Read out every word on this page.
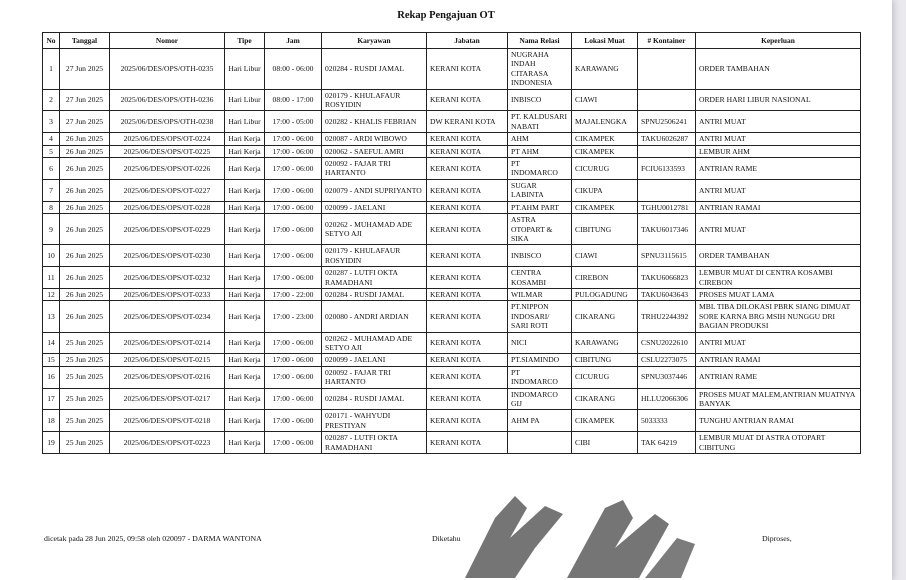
Rekap Pengajuan OT
No	Tanggal	Nomor	Tipe	Jam	Karyawan	Jabatan	Nama Relasi	Lokasi Muat	# Kontainer	Keperluan
1	27 Jun 2025	2025/06/DES/OPS/OTH-0235	Hari Libur	08:00 - 06:00	020284 - RUSDI JAMAL	KERANI KOTA	NUGRAHA INDAH CITARASA INDONESIA	KARAWANG		ORDER TAMBAHAN
2	27 Jun 2025	2025/06/DES/OPS/OTH-0236	Hari Libur	08:00 - 17:00	020179 - KHULAFAUR ROSYIDIN	KERANI KOTA	INBISCO	CIAWI		ORDER HARI LIBUR NASIONAL
3	27 Jun 2025	2025/06/DES/OPS/OTH-0238	Hari Libur	17:00 - 05:00	020282 - KHALIS FEBRIAN	DW KERANI KOTA	PT. KALDUSARI NABATI	MAJALENGKA	SPNU2506241	ANTRI MUAT
4	26 Jun 2025	2025/06/DES/OPS/OT-0224	Hari Kerja	17:00 - 06:00	020087 - ARDI WIBOWO	KERANI KOTA	AHM	CIKAMPEK	TAKU6026287	ANTRI MUAT
5	26 Jun 2025	2025/06/DES/OPS/OT-0225	Hari Kerja	17:00 - 06:00	020062 - SAEFUL AMRI	KERANI KOTA	PT AHM	CIKAMPEK		LEMBUR AHM
6	26 Jun 2025	2025/06/DES/OPS/OT-0226	Hari Kerja	17:00 - 06:00	020092 - FAJAR TRI HARTANTO	KERANI KOTA	PT INDOMARCO	CICURUG	FCIU6133593	ANTRIAN RAME
7	26 Jun 2025	2025/06/DES/OPS/OT-0227	Hari Kerja	17:00 - 06:00	020079 - ANDI SUPRIYANTO	KERANI KOTA	SUGAR LABINTA	CIKUPA		ANTRI MUAT
8	26 Jun 2025	2025/06/DES/OPS/OT-0228	Hari Kerja	17:00 - 06:00	020099 - JAELANI	KERANI KOTA	PT.AHM PART	CIKAMPEK	TGHU0012781	ANTRIAN RAMAI
9	26 Jun 2025	2025/06/DES/OPS/OT-0229	Hari Kerja	17:00 - 06:00	020262 - MUHAMAD ADE SETYO AJI	KERANI KOTA	ASTRA OTOPART & SIKA	CIBITUNG	TAKU6017346	ANTRI MUAT
10	26 Jun 2025	2025/06/DES/OPS/OT-0230	Hari Kerja	17:00 - 06:00	020179 - KHULAFAUR ROSYIDIN	KERANI KOTA	INBISCO	CIAWI	SPNU3115615	ORDER TAMBAHAN
11	26 Jun 2025	2025/06/DES/OPS/OT-0232	Hari Kerja	17:00 - 06:00	020287 - LUTFI OKTA RAMADHANI	KERANI KOTA	CENTRA KOSAMBI	CIREBON	TAKU6066823	LEMBUR MUAT DI CENTRA KOSAMBI CIREBON
12	26 Jun 2025	2025/06/DES/OPS/OT-0233	Hari Kerja	17:00 - 22:00	020284 - RUSDI JAMAL	KERANI KOTA	WILMAR	PULOGADUNG	TAKU6043643	PROSES MUAT LAMA
13	26 Jun 2025	2025/06/DES/OPS/OT-0234	Hari Kerja	17:00 - 23:00	020080 - ANDRI ARDIAN	KERANI KOTA	PT.NIPPON INDOSARI/ SARI ROTI	CIKARANG	TRHU2244392	MBL TIBA DILOKASI PBRK SIANG DIMUAT SORE KARNA BRG MSIH NUNGGU DRI BAGIAN PRODUKSI
14	25 Jun 2025	2025/06/DES/OPS/OT-0214	Hari Kerja	17:00 - 06:00	020262 - MUHAMAD ADE SETYO AJI	KERANI KOTA	NICI	KARAWANG	CSNU2022610	ANTRI MUAT
15	25 Jun 2025	2025/06/DES/OPS/OT-0215	Hari Kerja	17:00 - 06:00	020099 - JAELANI	KERANI KOTA	PT.SIAMINDO	CIBITUNG	CSLU2273075	ANTRIAN RAMAI
16	25 Jun 2025	2025/06/DES/OPS/OT-0216	Hari Kerja	17:00 - 06:00	020092 - FAJAR TRI HARTANTO	KERANI KOTA	PT INDOMARCO	CICURUG	SPNU3037446	ANTRIAN RAME
17	25 Jun 2025	2025/06/DES/OPS/OT-0217	Hari Kerja	17:00 - 06:00	020284 - RUSDI JAMAL	KERANI KOTA	INDOMARCO GIJ	CIKARANG	HLLU2066306	PROSES MUAT MALEM,ANTRIAN MUATNYA BANYAK
18	25 Jun 2025	2025/06/DES/OPS/OT-0218	Hari Kerja	17:00 - 06:00	020171 - WAHYUDI PRESTIYAN	KERANI KOTA	AHM PA	CIKAMPEK	5033333	TUNGHU ANTRIAN RAMAI
19	25 Jun 2025	2025/06/DES/OPS/OT-0223	Hari Kerja	17:00 - 06:00	020287 - LUTFI OKTA RAMADHANI	KERANI KOTA		CIBI	TAK 64219	LEMBUR MUAT DI ASTRA OTOPART CIBITUNG
dicetak pada 28 Jun 2025, 09:58 oleh 020097 - DARMA WANTONA	Diketahu	Diproses,
